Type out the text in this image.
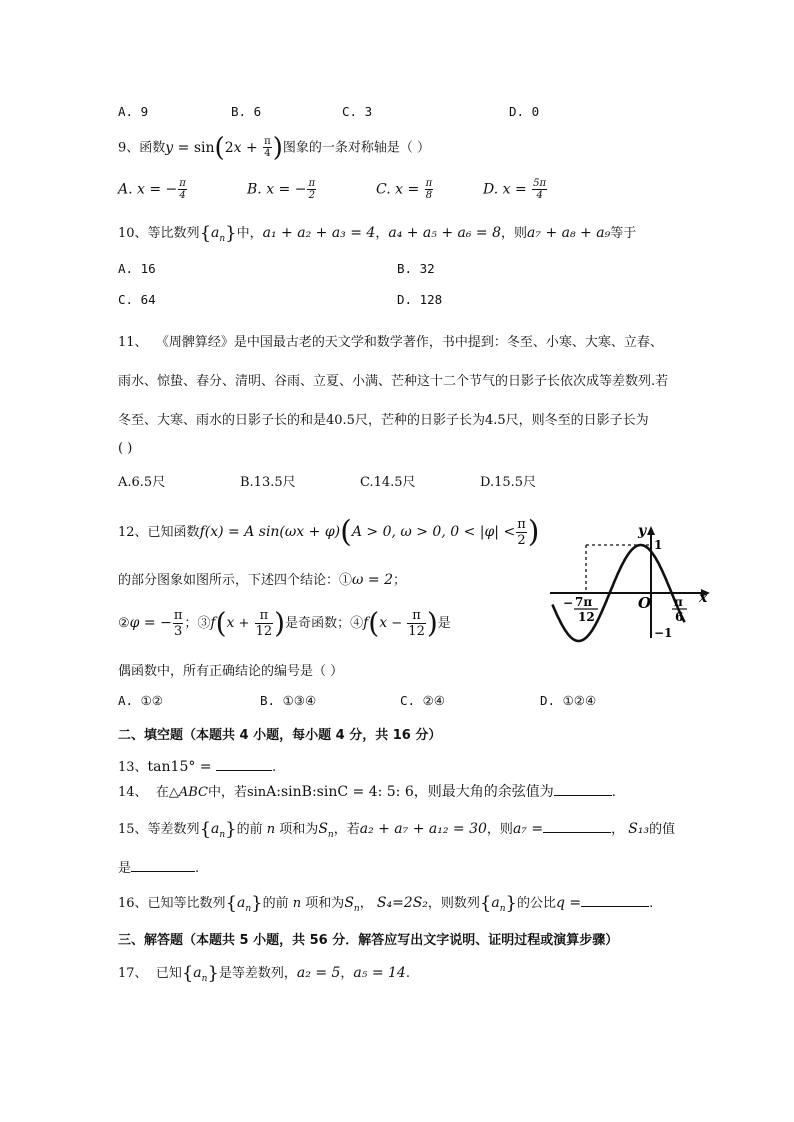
A. 9	B. 6	C. 3	D. 0
9、函数$y = \sin(2x + \frac{\pi}{4}$ )图象的一条对称轴是（ ）
A. x = − $\frac{\pi}{4}$	B. x = − $\frac{\pi}{2}$	C. $x = \frac{\pi}{8}$	D. $x = \frac{5\pi}{4}$
10、等比数列$\{a_n\}$中，a₁ + a₂ + a₃ = 4，a₄ + a₅ + a₆ = 8，则a₇ + a₈ + a₉等于
A. 16	B. 32
C. 64	D. 128
11、 《周髀算经》是中国最古老的天文学和数学著作，书中提到：冬至、小寒、大寒、立春、
雨水、惊蛰、春分、清明、谷雨、立夏、小满、芒种这十二个节气的日影子长依次成等差数列.若
冬至、大寒、雨水的日影子长的和是40.5尺，芒种的日影子长为4.5尺，则冬至的日影子长为
( )
A.6.5尺	B.13.5尺	C.14.5尺	D.15.5尺
12、已知函数f(x) = A sin(ωx + φ)(A > 0, ω > 0, $0 < |\varphi| < \frac{\pi}{2}$ )
的部分图象如图所示，下述四个结论：①ω = 2；
②φ = − $\frac{\pi}{3}$ ；③f(x + $\frac{\pi}{12}$ )是奇函数；④f(x − $\frac{\pi}{12}$ )是
偶函数中，所有正确结论的编号是（ ）
A. ①②	B. ①③④	C. ②④	D. ①②④
y
x
O
1
−1
− 7π
12
π
6
二、填空题（本题共 4 小题，每小题 4 分，共 16 分）
13、tan15° =	.
14、 在△ABC中，若sinA:sinB:sinC = 4: 5: 6，则最大角的余弦值为	.
15、等差数列$\{a_n\}$的前 n 项和为$S_n$，若a₂ + a₇ + a₁₂ = 30，则a₇ =	， S₁₃的值
是	.
16、已知等比数列$\{a_n\}$的前 n 项和为$S_n$， S₄=2S₂，则数列$\{a_n\}$的公比q =	.
三、解答题（本题共 5 小题，共 56 分．解答应写出文字说明、证明过程或演算步骤）
17、 已知$\{a_n\}$是等差数列，a₂ = 5，a₅ = 14.
